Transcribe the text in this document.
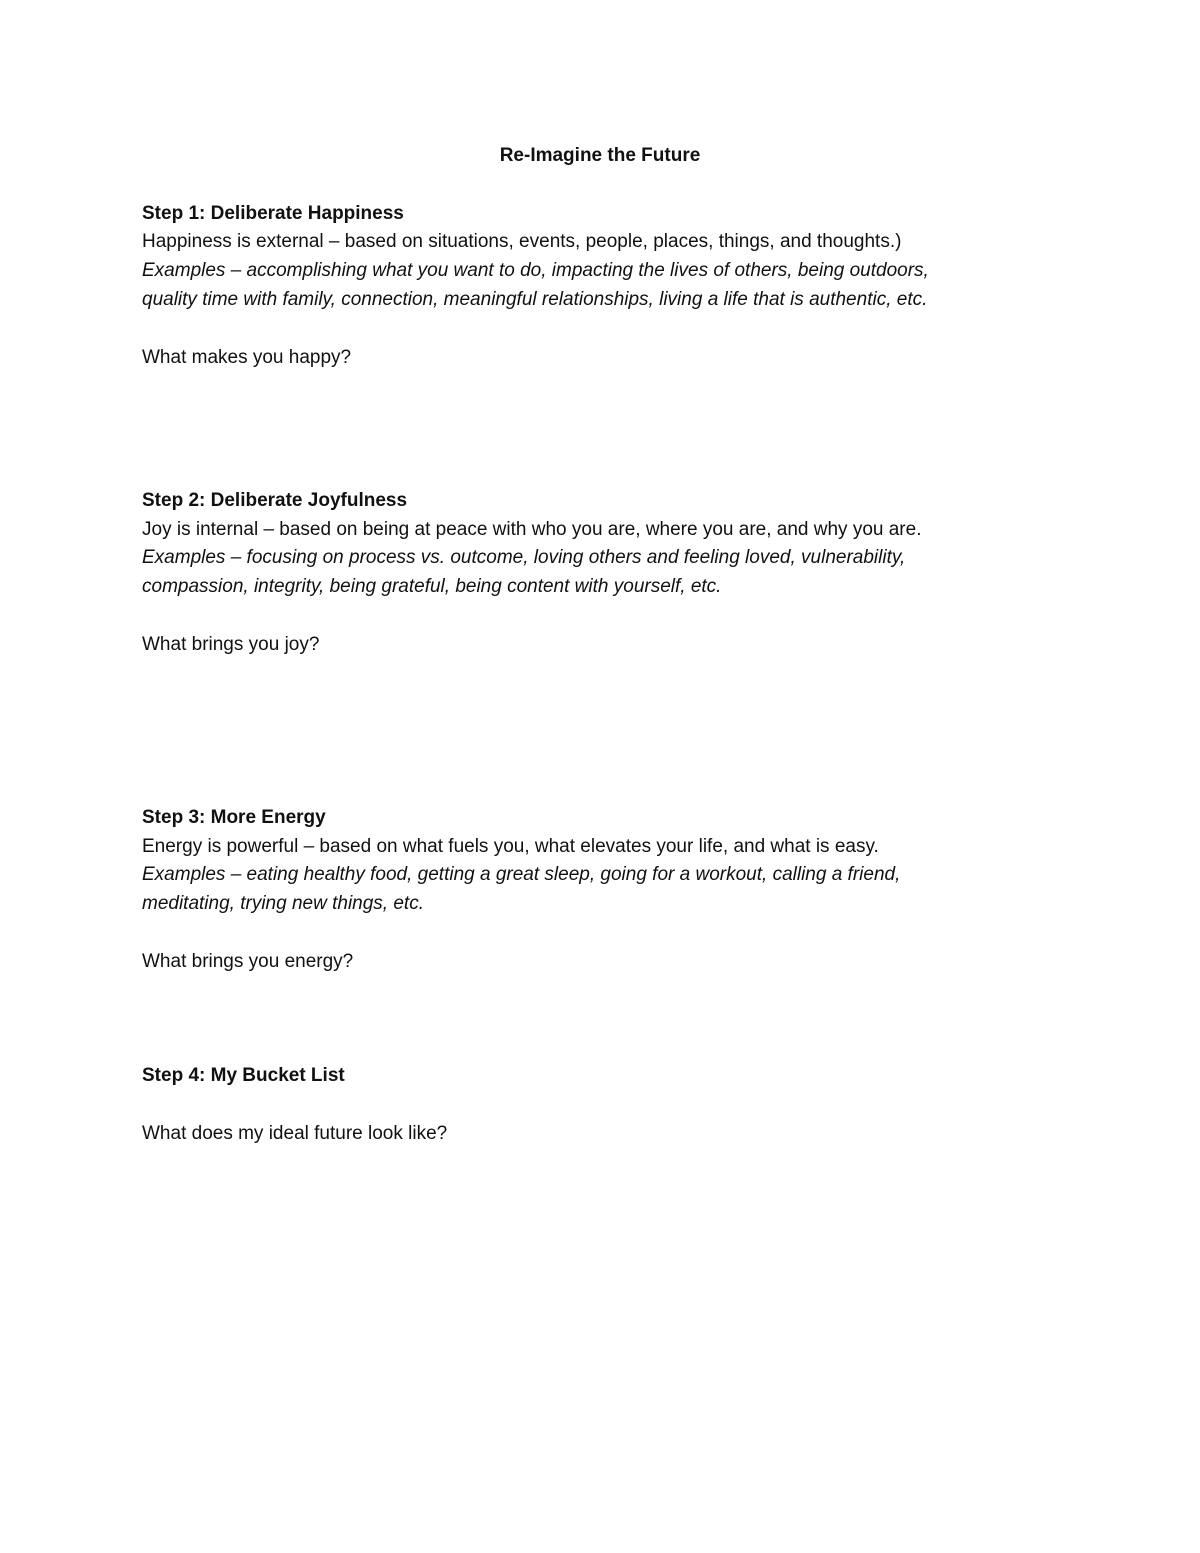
Re-Imagine the Future
Step 1: Deliberate Happiness
Happiness is external – based on situations, events, people, places, things, and thoughts.)
Examples – accomplishing what you want to do, impacting the lives of others, being outdoors,
quality time with family, connection, meaningful relationships, living a life that is authentic, etc.
What makes you happy?
Step 2: Deliberate Joyfulness
Joy is internal – based on being at peace with who you are, where you are, and why you are.
Examples – focusing on process vs. outcome, loving others and feeling loved, vulnerability,
compassion, integrity, being grateful, being content with yourself, etc.
What brings you joy?
Step 3: More Energy
Energy is powerful – based on what fuels you, what elevates your life, and what is easy.
Examples – eating healthy food, getting a great sleep, going for a workout, calling a friend,
meditating, trying new things, etc.
What brings you energy?
Step 4: My Bucket List
What does my ideal future look like?
